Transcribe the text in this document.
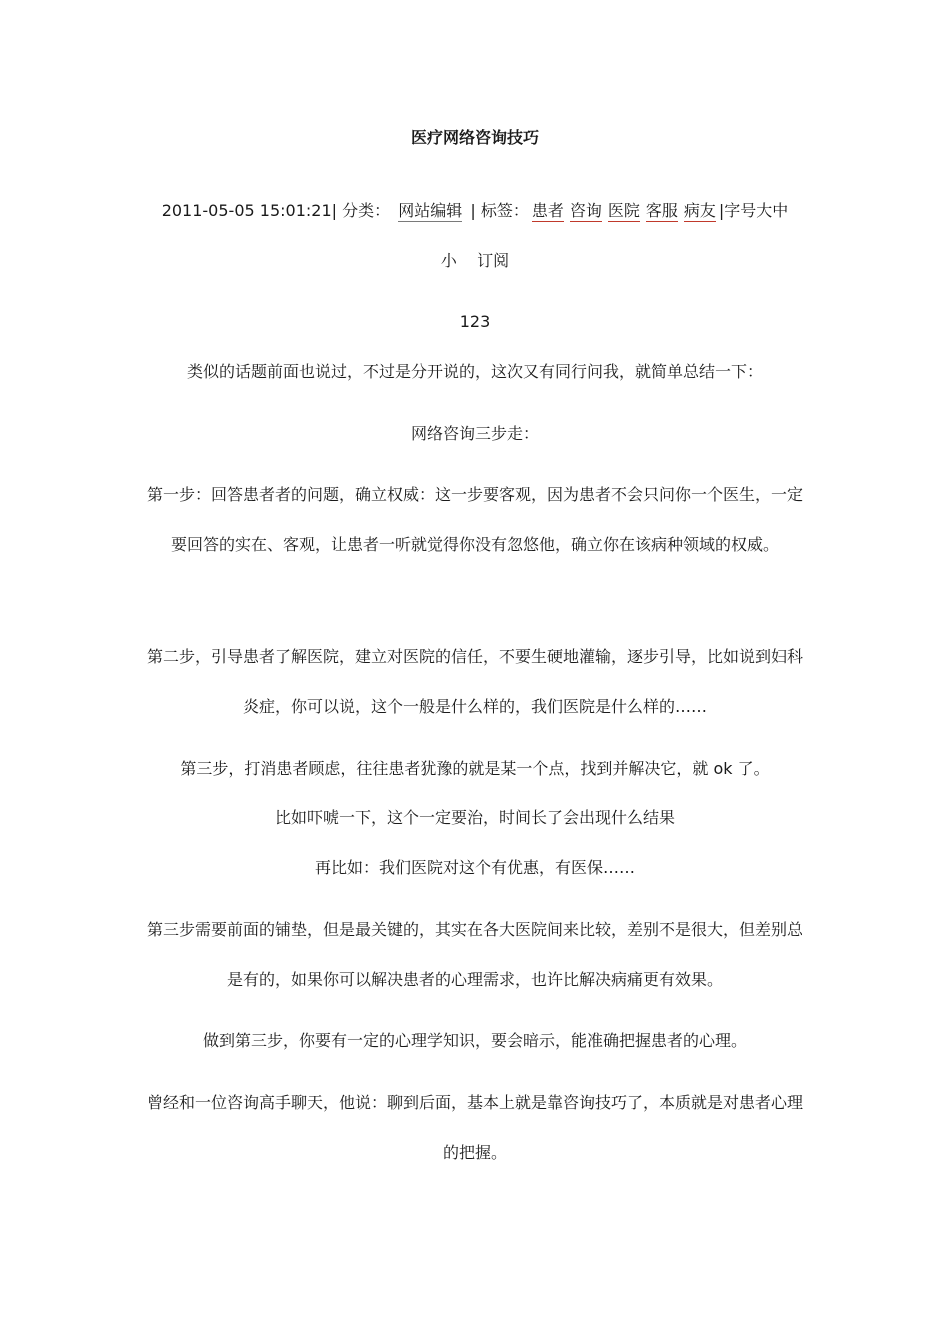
医疗网络咨询技巧
2011-05-05 15:01:21| 分类： 网站编辑 | 标签： 患者 咨询 医院 客服 病友 |字号大中
小 订阅
123
类似的话题前面也说过，不过是分开说的，这次又有同行问我，就简单总结一下：
网络咨询三步走：
第一步：回答患者者的问题，确立权威：这一步要客观，因为患者不会只问你一个医生，一定要回答的实在、客观，让患者一听就觉得你没有忽悠他，确立你在该病种领域的权威。
第二步，引导患者了解医院，建立对医院的信任，不要生硬地灌输，逐步引导，比如说到妇科炎症，你可以说，这个一般是什么样的，我们医院是什么样的……
第三步，打消患者顾虑，往往患者犹豫的就是某一个点，找到并解决它，就 ok 了。
比如吓唬一下，这个一定要治，时间长了会出现什么结果
再比如：我们医院对这个有优惠，有医保……
第三步需要前面的铺垫，但是最关键的，其实在各大医院间来比较，差别不是很大，但差别总是有的，如果你可以解决患者的心理需求，也许比解决病痛更有效果。
做到第三步，你要有一定的心理学知识，要会暗示，能准确把握患者的心理。
曾经和一位咨询高手聊天，他说：聊到后面，基本上就是靠咨询技巧了，本质就是对患者心理的把握。
